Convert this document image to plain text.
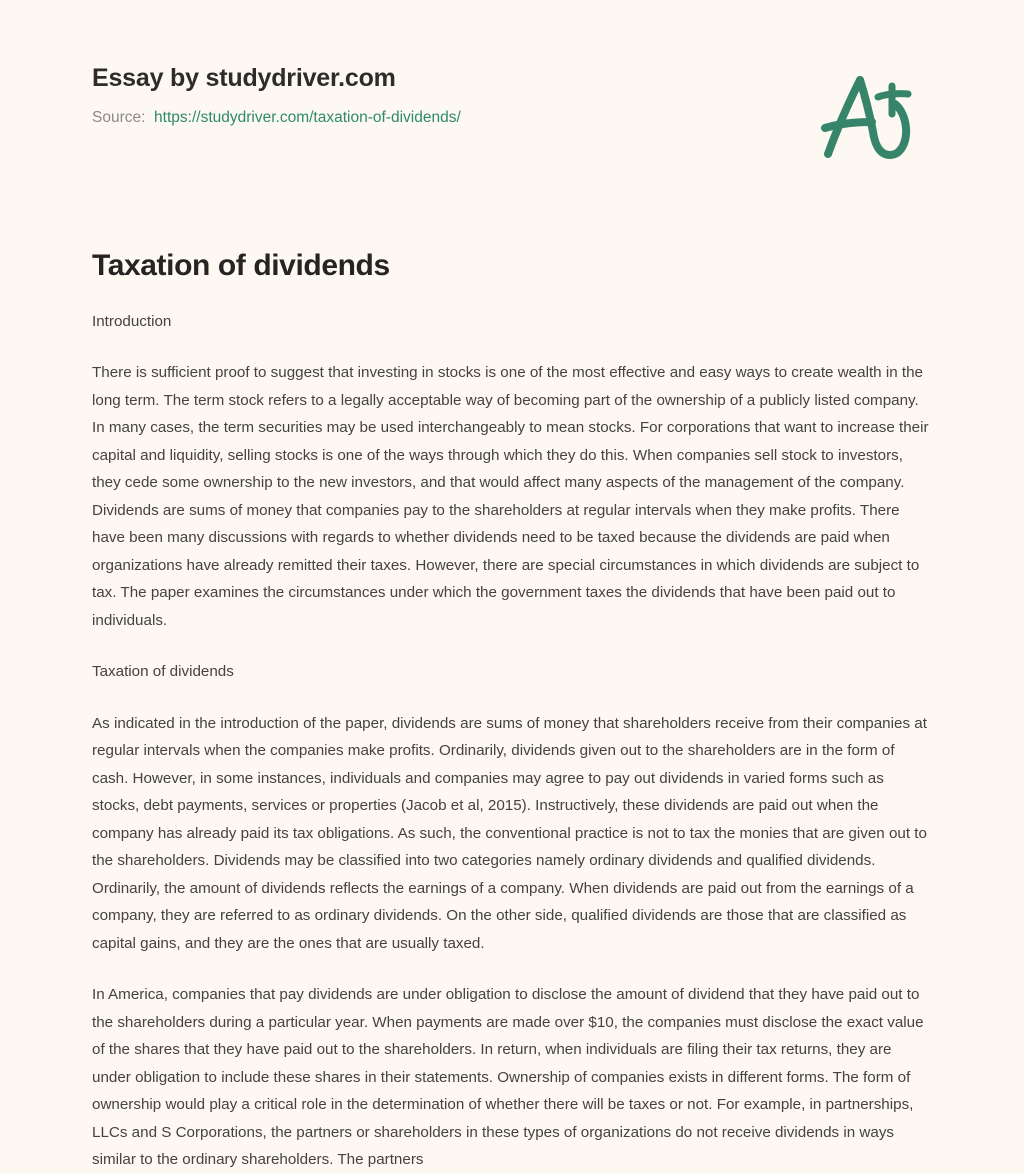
Essay by studydriver.com
Source: https://studydriver.com/taxation-of-dividends/
Taxation of dividends

Introduction

There is sufficient proof to suggest that investing in stocks is one of the most effective and easy ways to create wealth in the long term. The term stock refers to a legally acceptable way of becoming part of the ownership of a publicly listed company. In many cases, the term securities may be used interchangeably to mean stocks. For corporations that want to increase their capital and liquidity, selling stocks is one of the ways through which they do this. When companies sell stock to investors, they cede some ownership to the new investors, and that would affect many aspects of the management of the company. Dividends are sums of money that companies pay to the shareholders at regular intervals when they make profits. There have been many discussions with regards to whether dividends need to be taxed because the dividends are paid when organizations have already remitted their taxes. However, there are special circumstances in which dividends are subject to tax. The paper examines the circumstances under which the government taxes the dividends that have been paid out to individuals.

Taxation of dividends

As indicated in the introduction of the paper, dividends are sums of money that shareholders receive from their companies at regular intervals when the companies make profits. Ordinarily, dividends given out to the shareholders are in the form of cash. However, in some instances, individuals and companies may agree to pay out dividends in varied forms such as stocks, debt payments, services or properties (Jacob et al, 2015). Instructively, these dividends are paid out when the company has already paid its tax obligations. As such, the conventional practice is not to tax the monies that are given out to the shareholders. Dividends may be classified into two categories namely ordinary dividends and qualified dividends. Ordinarily, the amount of dividends reflects the earnings of a company. When dividends are paid out from the earnings of a company, they are referred to as ordinary dividends. On the other side, qualified dividends are those that are classified as capital gains, and they are the ones that are usually taxed.

In America, companies that pay dividends are under obligation to disclose the amount of dividend that they have paid out to the shareholders during a particular year. When payments are made over $10, the companies must disclose the exact value of the shares that they have paid out to the shareholders. In return, when individuals are filing their tax returns, they are under obligation to include these shares in their statements. Ownership of companies exists in different forms. The form of ownership would play a critical role in the determination of whether there will be taxes or not. For example, in partnerships, LLCs and S Corporations, the partners or shareholders in these types of organizations do not receive dividends in ways similar to the ordinary shareholders. The partners
